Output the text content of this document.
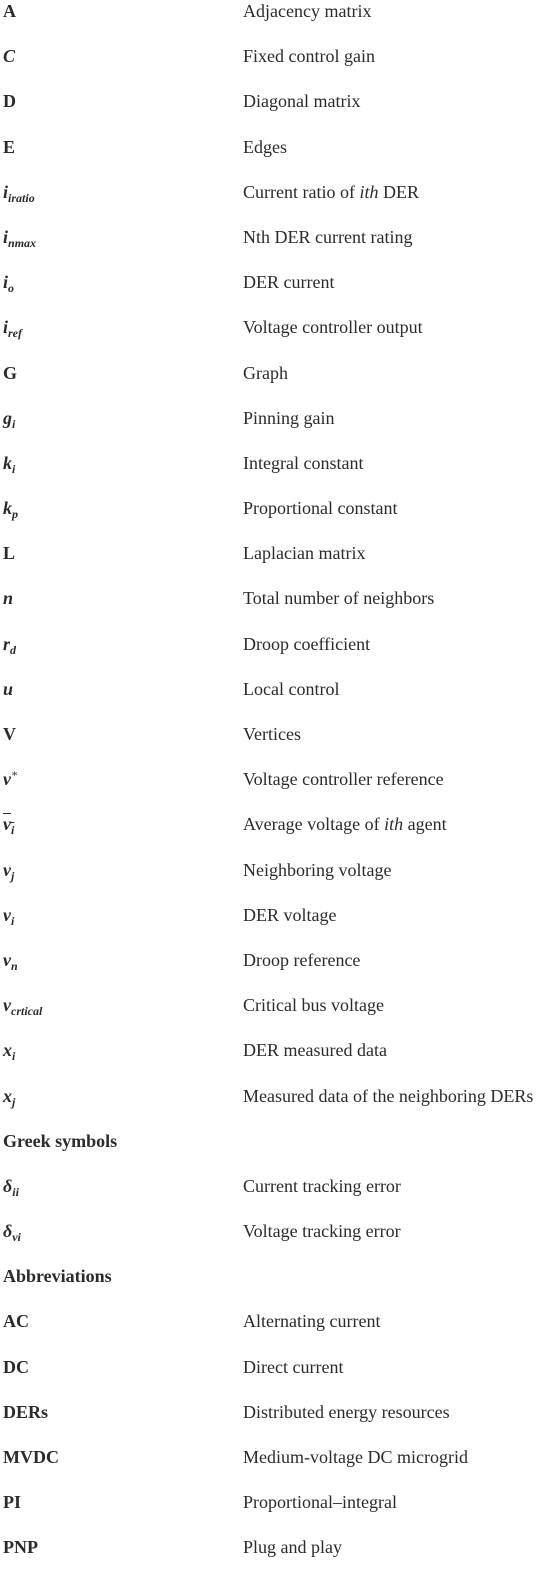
A	Adjacency matrix
C	Fixed control gain
D	Diagonal matrix
E	Edges
$i_{iratio}$	Current ratio of ith DER
$i_{nmax}$	Nth DER current rating
$i_o$	DER current
$i_{ref}$	Voltage controller output
G	Graph
$g_i$	Pinning gain
$k_i$	Integral constant
$k_p$	Proportional constant
L	Laplacian matrix
n	Total number of neighbors
$r_d$	Droop coefficient
u	Local control
V	Vertices
v*	Voltage controller reference
$v_i$	Average voltage of ith agent
$v_j$	Neighboring voltage
$v_i$	DER voltage
$v_n$	Droop reference
$v_{crtical}$	Critical bus voltage
$x_i$	DER measured data
$x_j$	Measured data of the neighboring DERs
Greek symbols
$\delta_{ii}$	Current tracking error
$\delta_{vi}$	Voltage tracking error
Abbreviations
AC	Alternating current
DC	Direct current
DERs	Distributed energy resources
MVDC	Medium-voltage DC microgrid
PI	Proportional–integral
PNP	Plug and play
